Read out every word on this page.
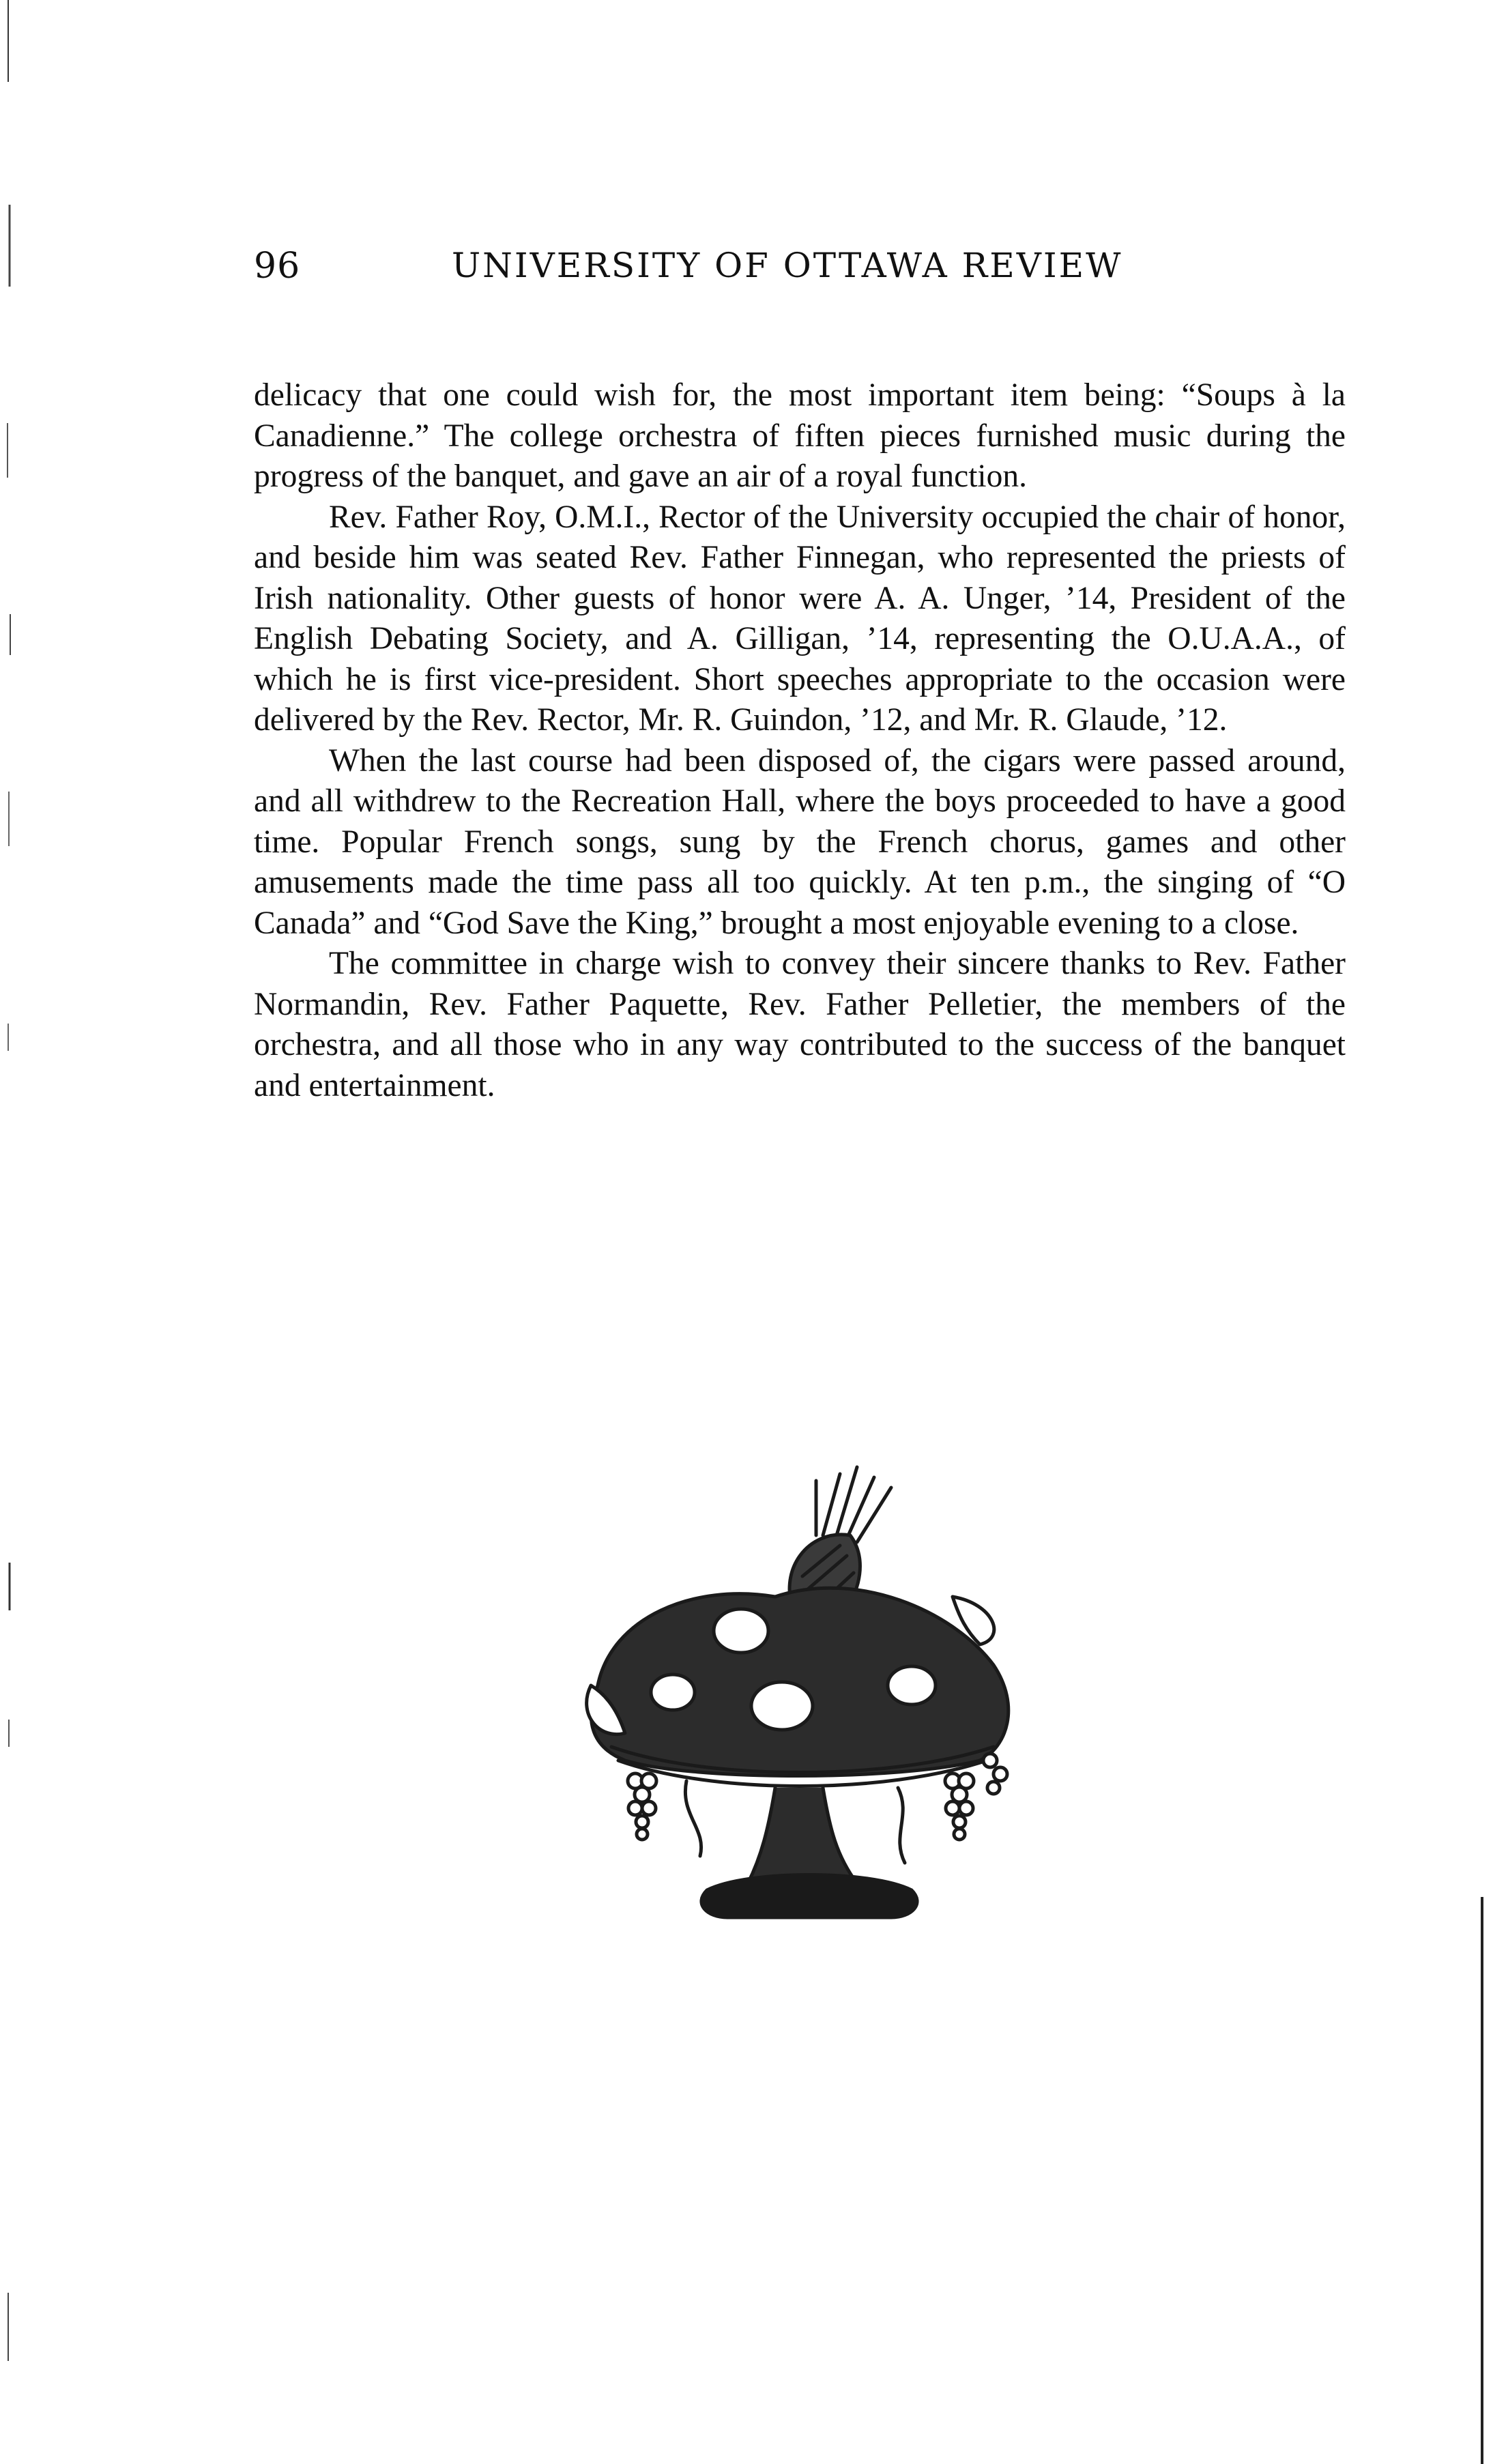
96	UNIVERSITY OF OTTAWA REVIEW

delicacy that one could wish for, the most important item being: “Soups à la Canadienne.” The college orchestra of fiften pieces furnished music during the progress of the banquet, and gave an air of a royal function.

Rev. Father Roy, O.M.I., Rector of the University occupied the chair of honor, and beside him was seated Rev. Father Finnegan, who represented the priests of Irish nationality. Other guests of honor were A. A. Unger, ’14, President of the English Debating Society, and A. Gilligan, ’14, representing the O.U.A.A., of which he is first vice-president. Short speeches appropriate to the occasion were delivered by the Rev. Rector, Mr. R. Guindon, ’12, and Mr. R. Glaude, ’12.

When the last course had been disposed of, the cigars were passed around, and all withdrew to the Recreation Hall, where the boys proceeded to have a good time. Popular French songs, sung by the French chorus, games and other amusements made the time pass all too quickly. At ten p.m., the singing of “O Canada” and “God Save the King,” brought a most enjoyable evening to a close.

The committee in charge wish to convey their sincere thanks to Rev. Father Normandin, Rev. Father Paquette, Rev. Father Pelletier, the members of the orchestra, and all those who in any way contributed to the success of the banquet and entertainment.
